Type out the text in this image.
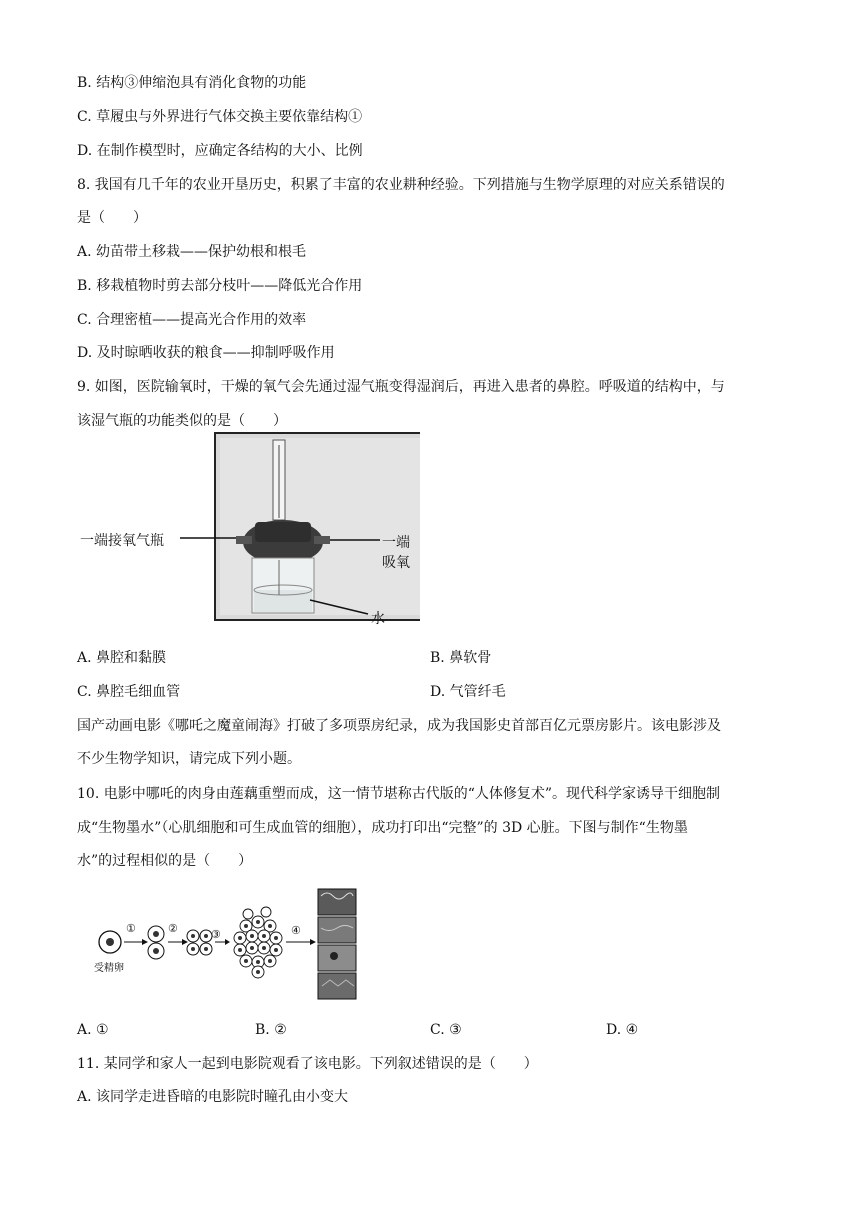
B. 结构③伸缩泡具有消化食物的功能
C. 草履虫与外界进行气体交换主要依靠结构①
D. 在制作模型时，应确定各结构的大小、比例
8. 我国有几千年的农业开垦历史，积累了丰富的农业耕种经验。下列措施与生物学原理的对应关系错误的
是（　　）
A. 幼苗带土移栽——保护幼根和根毛
B. 移栽植物时剪去部分枝叶——降低光合作用
C. 合理密植——提高光合作用的效率
D. 及时晾晒收获的粮食——抑制呼吸作用
9. 如图，医院输氧时，干燥的氧气会先通过湿气瓶变得湿润后，再进入患者的鼻腔。呼吸道的结构中，与
该湿气瓶的功能类似的是（　　）
一端接氧气瓶	一端吸氧
水
A. 鼻腔和黏膜	B. 鼻软骨
C. 鼻腔毛细血管	D. 气管纤毛
国产动画电影《哪吒之魔童闹海》打破了多项票房纪录，成为我国影史首部百亿元票房影片。该电影涉及
不少生物学知识，请完成下列小题。
10. 电影中哪吒的肉身由莲藕重塑而成，这一情节堪称古代版的“人体修复术”。现代科学家诱导干细胞制
成“生物墨水”（心肌细胞和可生成血管的细胞），成功打印出“完整”的 3D 心脏。下图与制作“生物墨
水”的过程相似的是（　　）
受精卵
①	②	③	④
A. ①	B. ②	C. ③	D. ④
11. 某同学和家人一起到电影院观看了该电影。下列叙述错误的是（　　）
A. 该同学走进昏暗的电影院时瞳孔由小变大
